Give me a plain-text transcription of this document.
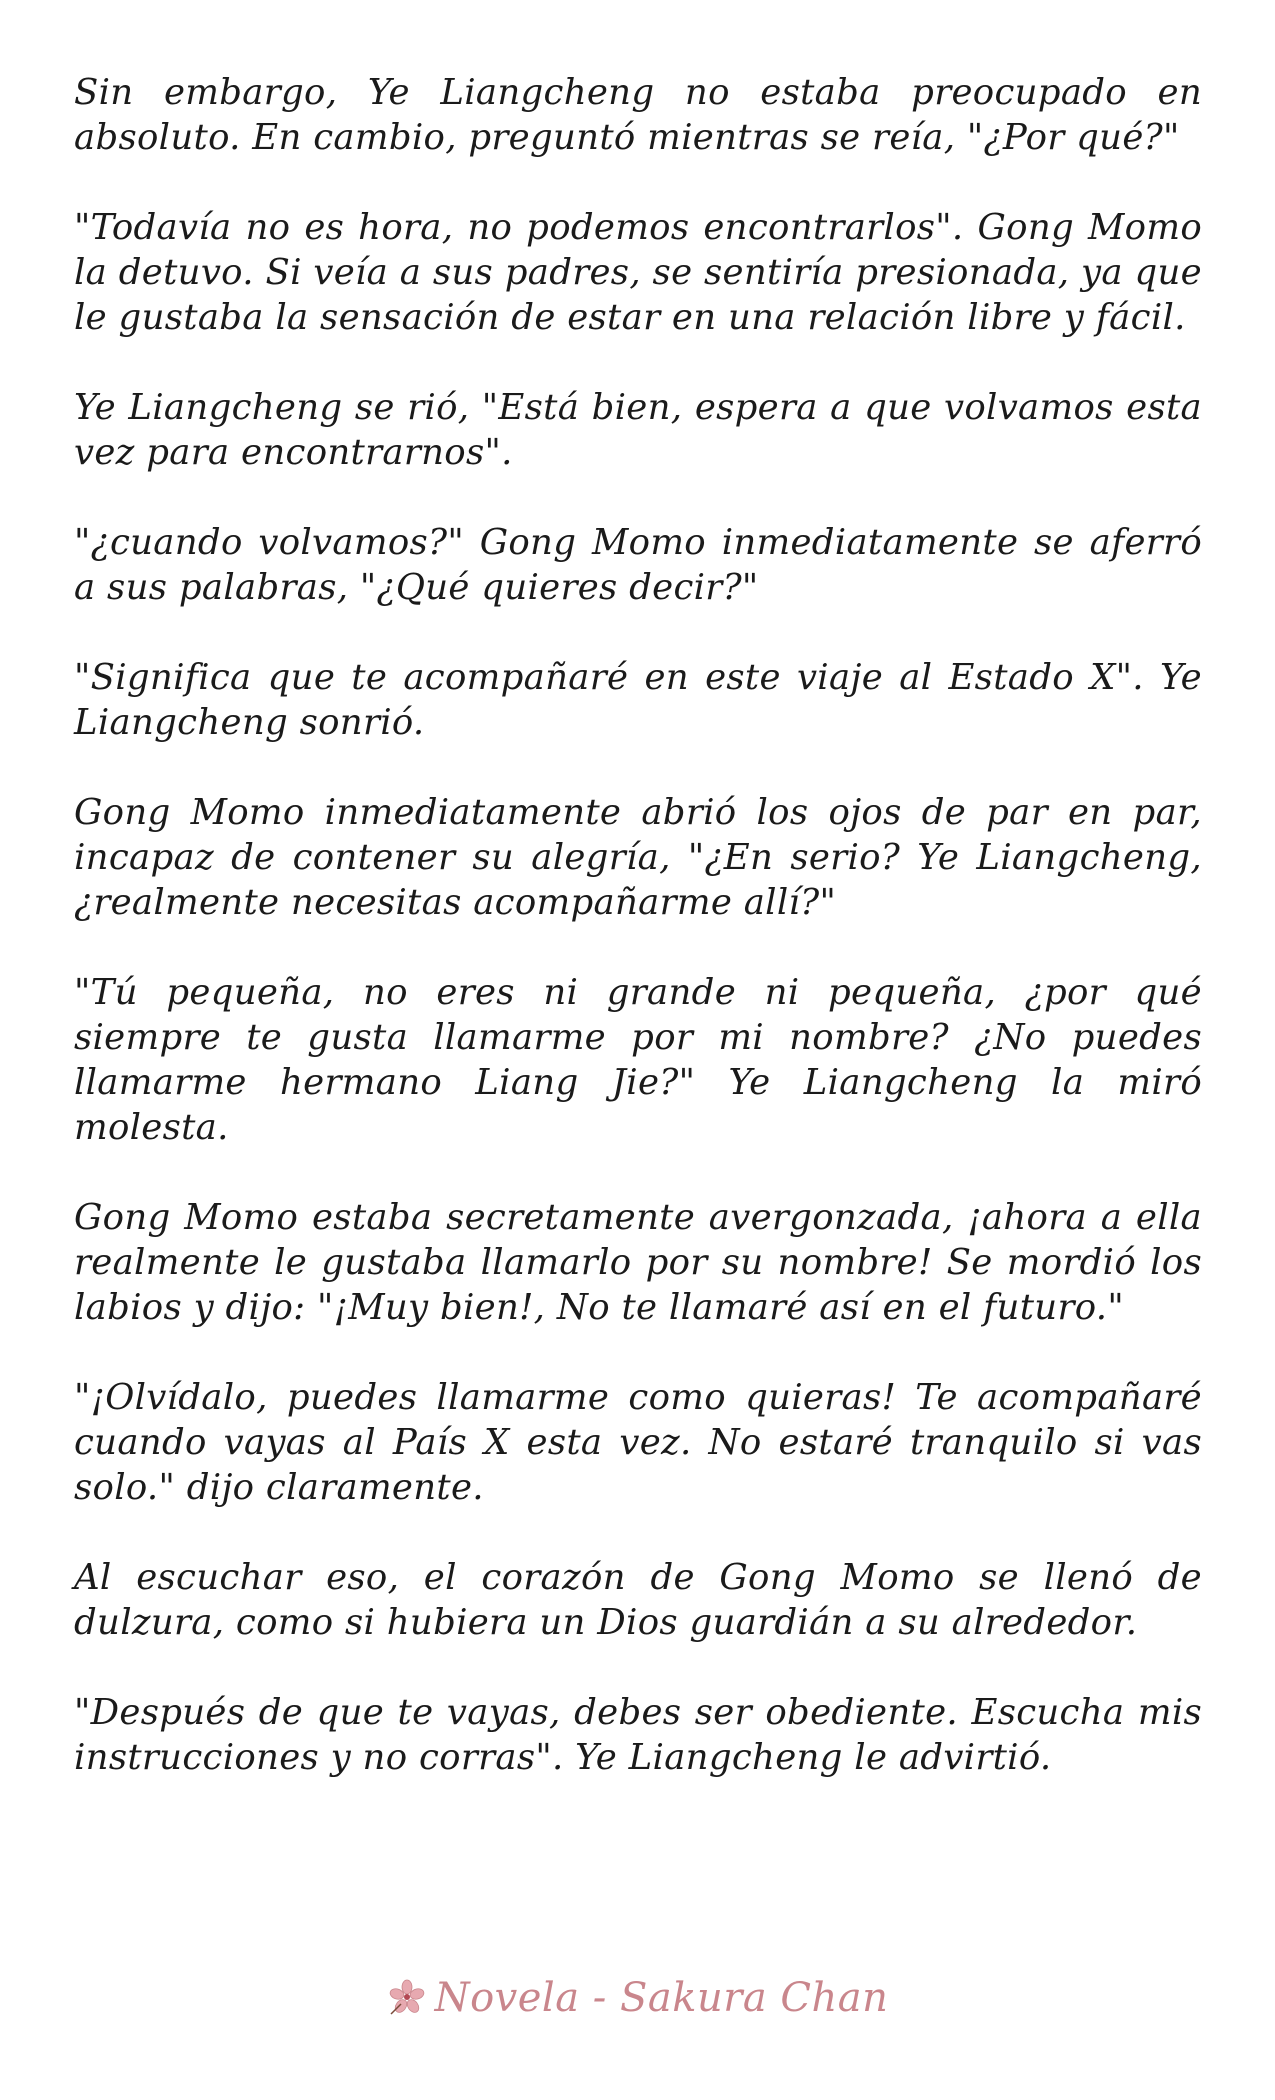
Sin embargo, Ye Liangcheng no estaba preocupado en absoluto. En cambio, preguntó mientras se reía, "¿Por qué?"

"Todavía no es hora, no podemos encontrarlos". Gong Momo la detuvo. Si veía a sus padres, se sentiría presionada, ya que le gustaba la sensación de estar en una relación libre y fácil.

Ye Liangcheng se rió, "Está bien, espera a que volvamos esta vez para encontrarnos".

"¿cuando volvamos?" Gong Momo inmediatamente se aferró a sus palabras, "¿Qué quieres decir?"

"Significa que te acompañaré en este viaje al Estado X". Ye Liangcheng sonrió.

Gong Momo inmediatamente abrió los ojos de par en par, incapaz de contener su alegría, "¿En serio? Ye Liangcheng, ¿realmente necesitas acompañarme allí?"

"Tú pequeña, no eres ni grande ni pequeña, ¿por qué siempre te gusta llamarme por mi nombre? ¿No puedes llamarme hermano Liang Jie?" Ye Liangcheng la miró molesta.

Gong Momo estaba secretamente avergonzada, ¡ahora a ella realmente le gustaba llamarlo por su nombre! Se mordió los labios y dijo: "¡Muy bien!, No te llamaré así en el futuro."

"¡Olvídalo, puedes llamarme como quieras! Te acompañaré cuando vayas al País X esta vez. No estaré tranquilo si vas solo." dijo claramente.

Al escuchar eso, el corazón de Gong Momo se llenó de dulzura, como si hubiera un Dios guardián a su alrededor.

"Después de que te vayas, debes ser obediente. Escucha mis instrucciones y no corras". Ye Liangcheng le advirtió.

Novela - Sakura Chan
